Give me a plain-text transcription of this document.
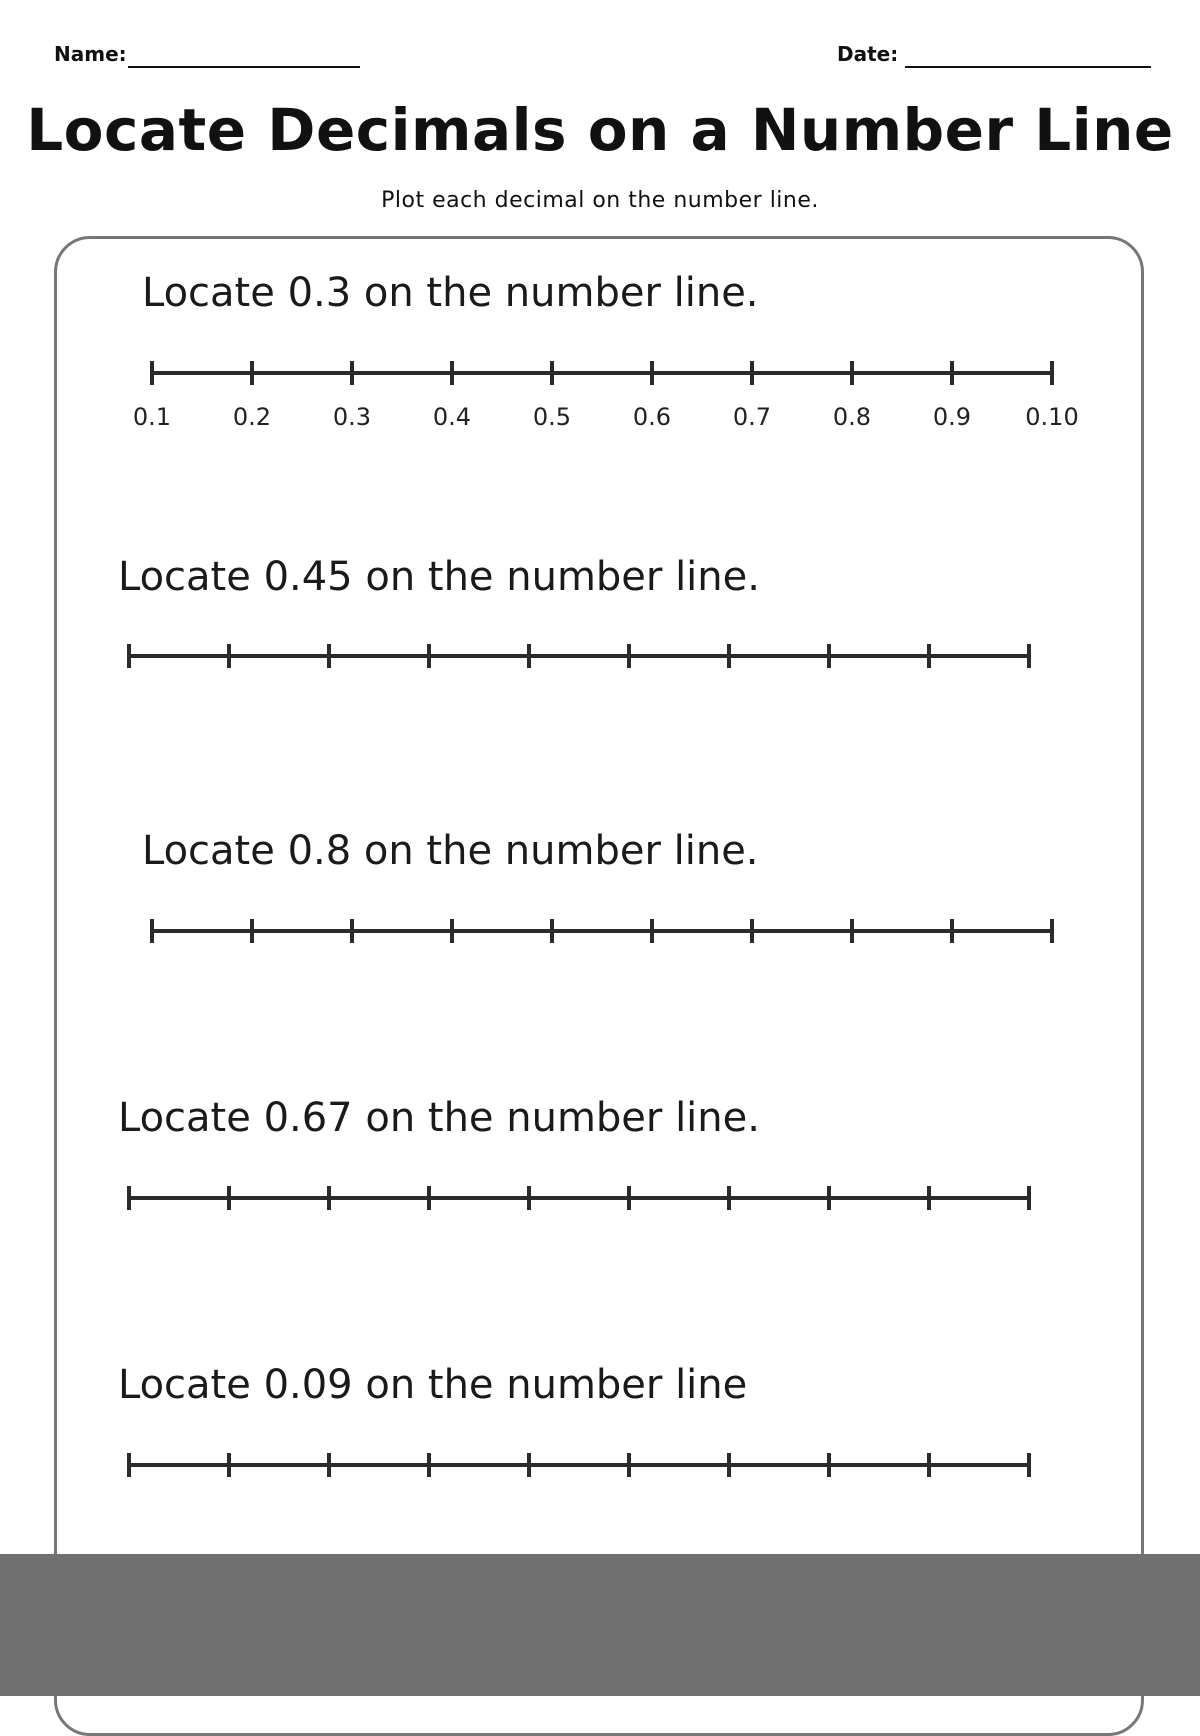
Name:	Date:
Locate Decimals on a Number Line
Plot each decimal on the number line.
Locate 0.3 on the number line.
0.1	0.2	0.3	0.4	0.5	0.6	0.7	0.8	0.9 0.10
Locate 0.45 on the number line.
Locate 0.8 on the number line.
Locate 0.67 on the number line.
Locate 0.09 on the number line
